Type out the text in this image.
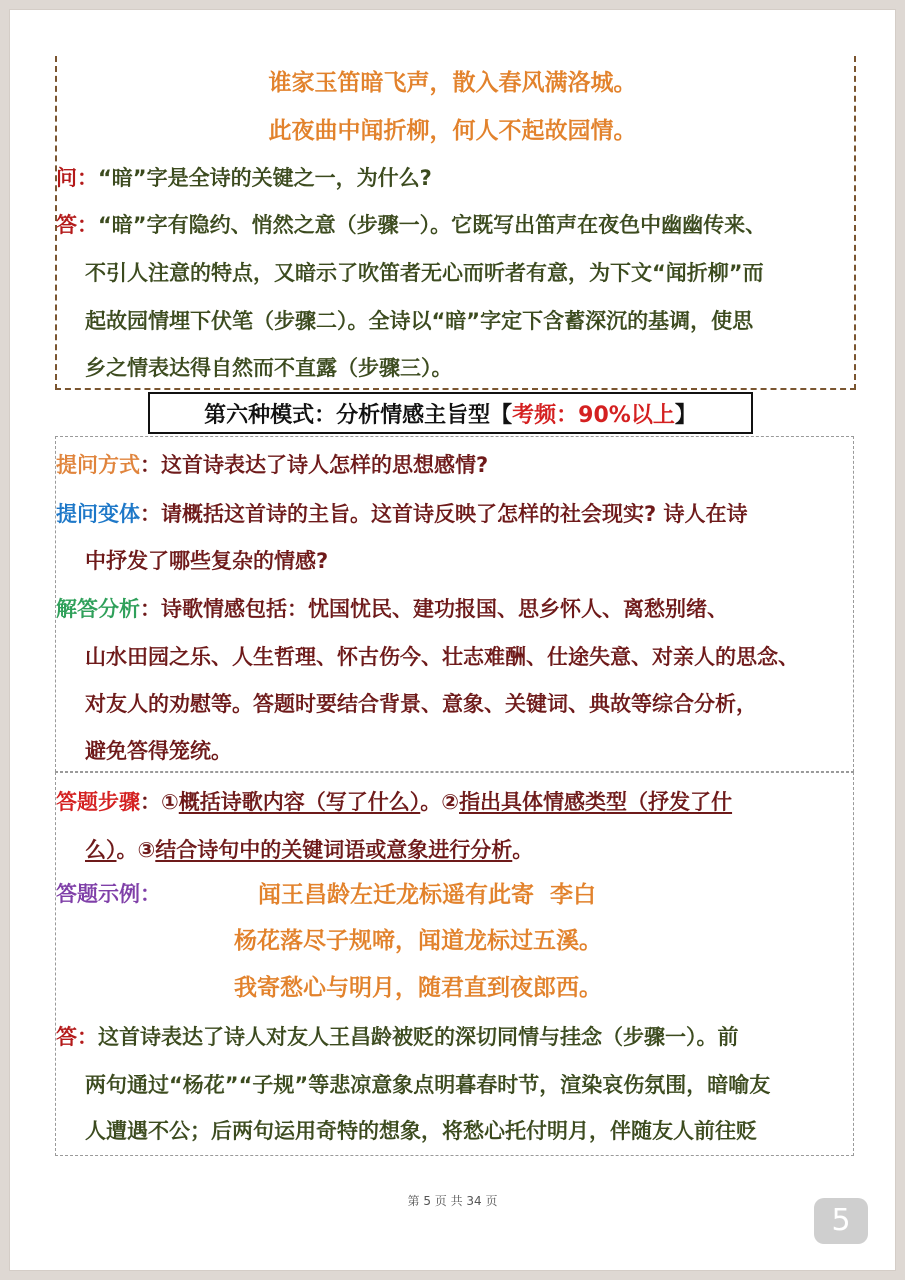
谁家玉笛暗飞声，散入春风满洛城。
此夜曲中闻折柳，何人不起故园情。
问：“暗”字是全诗的关键之一，为什么?
答：“暗”字有隐约、悄然之意（步骤一）。它既写出笛声在夜色中幽幽传来、
不引人注意的特点，又暗示了吹笛者无心而听者有意，为下文“闻折柳”而
起故园情埋下伏笔（步骤二）。全诗以“暗”字定下含蓄深沉的基调，使思
乡之情表达得自然而不直露（步骤三）。
第六种模式：分析情感主旨型【 考频：90%以上 】
提问方式：这首诗表达了诗人怎样的思想感情?
提问变体：请概括这首诗的主旨。这首诗反映了怎样的社会现实? 诗人在诗
中抒发了哪些复杂的情感?
解答分析：诗歌情感包括：忧国忧民、建功报国、思乡怀人、离愁别绪、
山水田园之乐、人生哲理、怀古伤今、壮志难酬、仕途失意、对亲人的思念、
对友人的劝慰等。答题时要结合背景、意象、关键词、典故等综合分析，
避免答得笼统。
答题步骤：①概括诗歌内容（写了什么）。②指出具体情感类型（抒发了什
么）。③结合诗句中的关键词语或意象进行分析。
答题示例：	闻王昌龄左迁龙标遥有此寄  李白
杨花落尽子规啼，闻道龙标过五溪。
我寄愁心与明月，随君直到夜郎西。
答：这首诗表达了诗人对友人王昌龄被贬的深切同情与挂念（步骤一）。前
两句通过“杨花”“子规”等悲凉意象点明暮春时节，渲染哀伤氛围，暗喻友
人遭遇不公；后两句运用奇特的想象，将愁心托付明月，伴随友人前往贬
第 5 页 共 34 页
5
